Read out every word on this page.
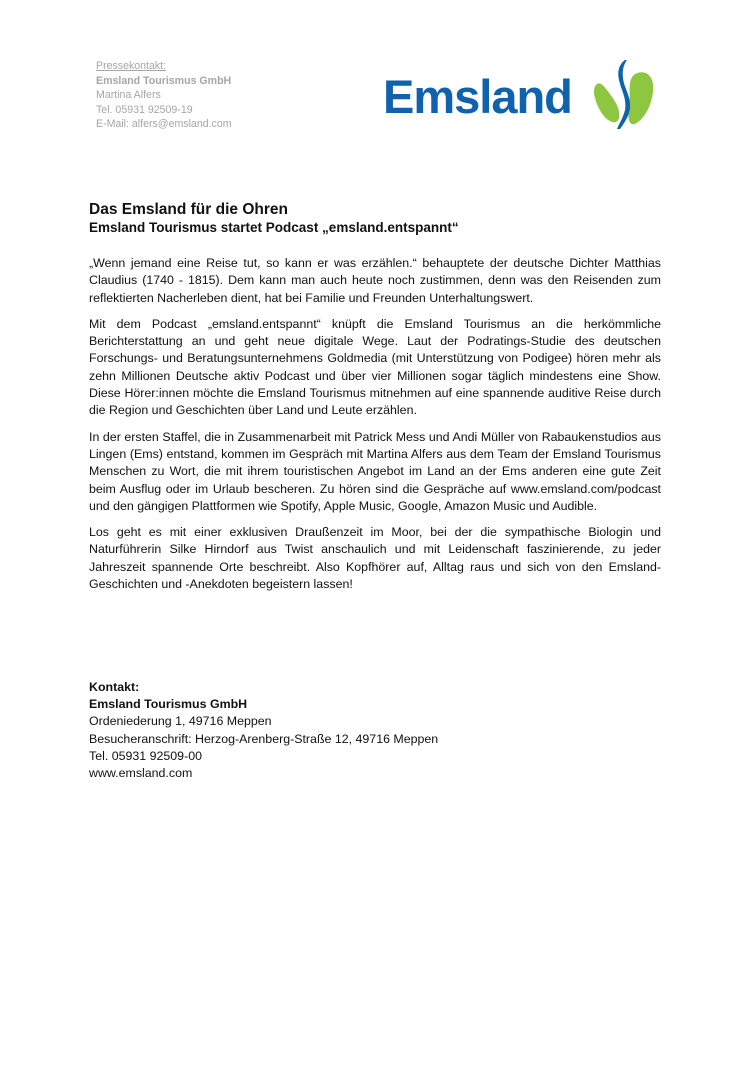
Pressekontakt:
Emsland Tourismus GmbH
Martina Alfers
Tel. 05931 92509-19
E-Mail: alfers@emsland.com
Emsland
Das Emsland für die Ohren
Emsland Tourismus startet Podcast „emsland.entspannt“

„Wenn jemand eine Reise tut, so kann er was erzählen.“ behauptete der deutsche Dichter Matthias Claudius (1740 - 1815). Dem kann man auch heute noch zustimmen, denn was den Reisenden zum reflektierten Nacherleben dient, hat bei Familie und Freunden Unterhaltungswert.

Mit dem Podcast „emsland.entspannt“ knüpft die Emsland Tourismus an die herkömmliche Berichterstattung an und geht neue digitale Wege. Laut der Podratings-Studie des deutschen Forschungs- und Beratungsunternehmens Goldmedia (mit Unterstützung von Podigee) hören mehr als zehn Millionen Deutsche aktiv Podcast und über vier Millionen sogar täglich mindestens eine Show. Diese Hörer:innen möchte die Emsland Tourismus mitnehmen auf eine spannende auditive Reise durch die Region und Geschichten über Land und Leute erzählen.

In der ersten Staffel, die in Zusammenarbeit mit Patrick Mess und Andi Müller von Rabaukenstudios aus Lingen (Ems) entstand, kommen im Gespräch mit Martina Alfers aus dem Team der Emsland Tourismus Menschen zu Wort, die mit ihrem touristischen Angebot im Land an der Ems anderen eine gute Zeit beim Ausflug oder im Urlaub bescheren. Zu hören sind die Gespräche auf www.emsland.com/podcast und den gängigen Plattformen wie Spotify, Apple Music, Google, Amazon Music und Audible.

Los geht es mit einer exklusiven Draußenzeit im Moor, bei der die sympathische Biologin und Naturführerin Silke Hirndorf aus Twist anschaulich und mit Leidenschaft faszinierende, zu jeder Jahreszeit spannende Orte beschreibt. Also Kopfhörer auf, Alltag raus und sich von den Emsland-Geschichten und -Anekdoten begeistern lassen!

Kontakt:
Emsland Tourismus GmbH
Ordeniederung 1, 49716 Meppen
Besucheranschrift: Herzog-Arenberg-Straße 12, 49716 Meppen
Tel. 05931 92509-00
www.emsland.com
